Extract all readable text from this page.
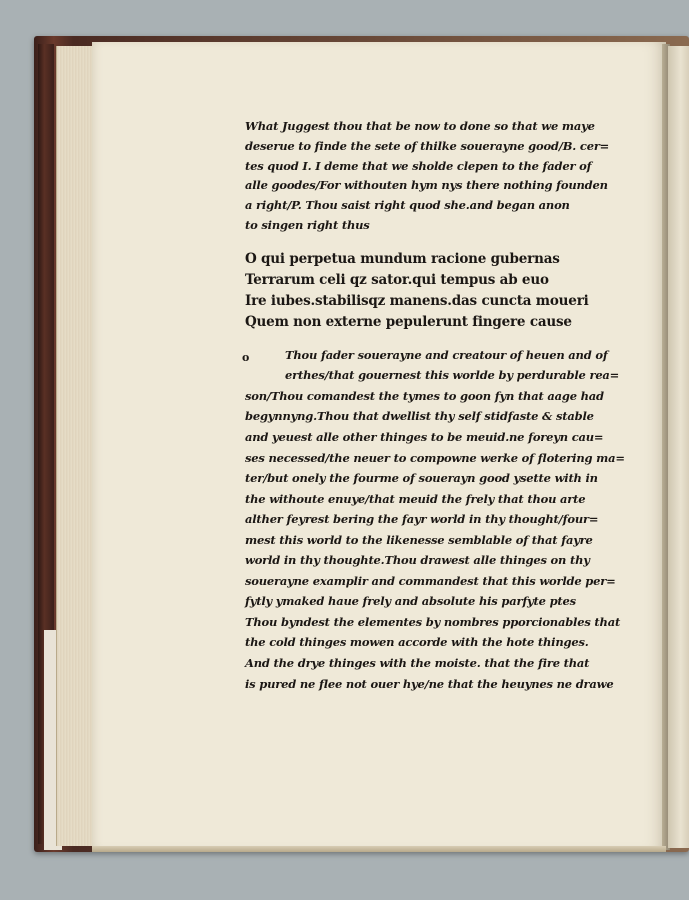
What Juggest thou that be now to done so that we maye
deserue to finde the sete of thilke souerayne good/B. cer=
tes quod I. I deme that we sholde clepen to the fader of
alle goodes/For withouten hym nys there nothing founden
a right/P. Thou saist right quod she.and began anon
to singen right thus
O qui perpetua mundum racione gubernas
Terrarum celi qz sator.qui tempus ab euo
Ire iubes.stabilisqz manens.das cuncta moueri
Quem non externe pepulerunt fingere cause
Thou fader souerayne and creatour of heuen and of
erthes/that gouernest this worlde by perdurable rea=
son/Thou comandest the tymes to goon fyn that aage had
begynnyng.Thou that dwellist thy self stidfaste & stable
and yeuest alle other thinges to be meuid.ne foreyn cau=
ses necessed/the neuer to compowne werke of flotering ma=
ter/but onely the fourme of souerayn good ysette with in
the withoute enuye/that meuid the frely that thou arte
alther feyrest bering the fayr world in thy thought/four=
mest this world to the likenesse semblable of that fayre
world in thy thoughte.Thou drawest alle thinges on thy
souerayne examplir and commandest that this worlde per=
fytly ymaked haue frely and absolute his parfyte ptes
Thou byndest the elementes by nombres pporcionables that
the cold thinges mowen accorde with the hote thinges.
And the drye thinges with the moiste. that the fire that
is pured ne flee not ouer hye/ne that the heuynes ne drawe
o
